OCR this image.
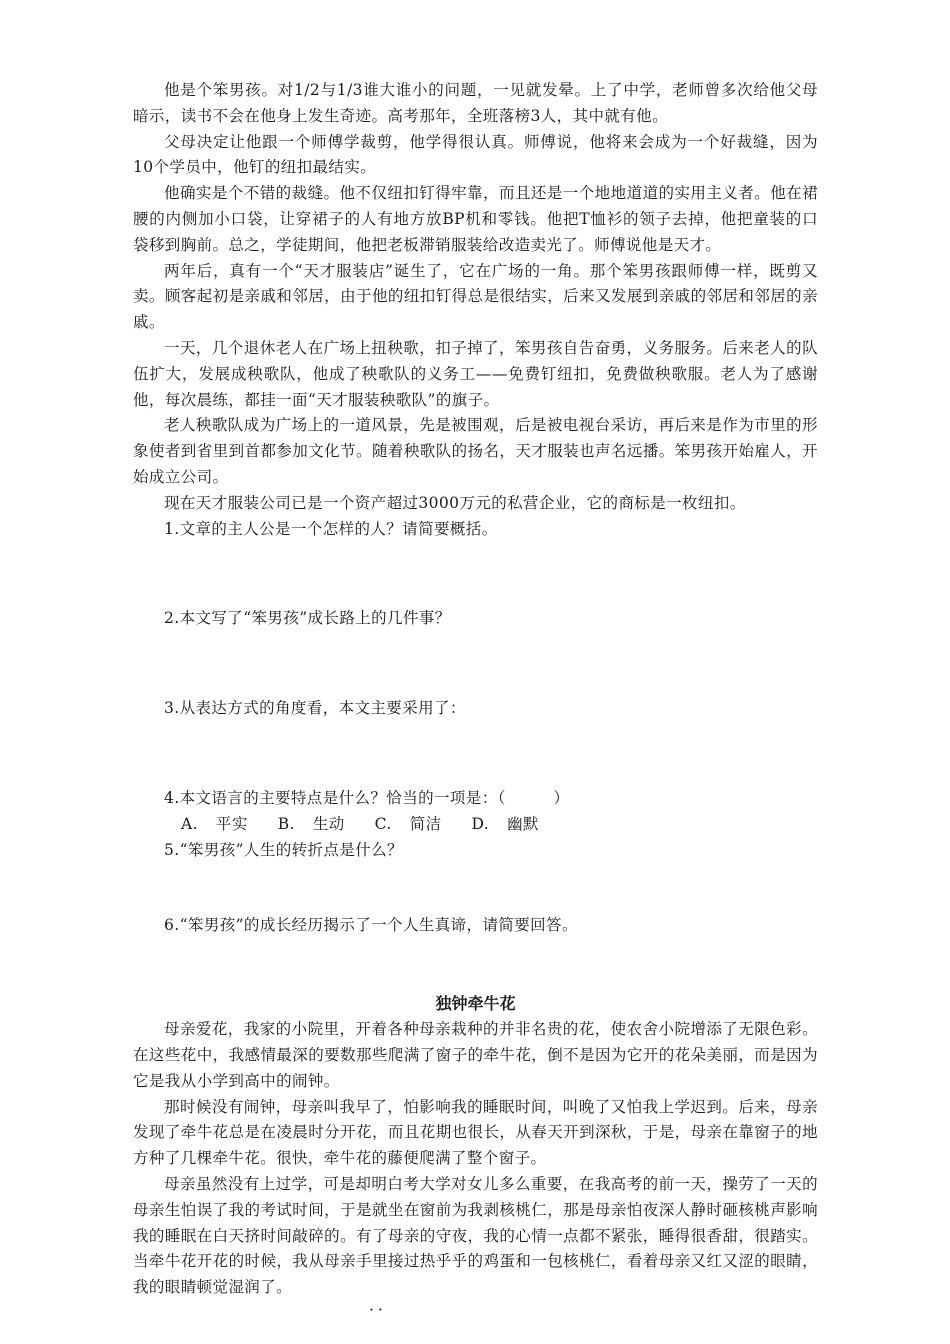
他是个笨男孩。对1/2与1/3谁大谁小的问题，一见就发晕。上了中学，老师曾多次给他父母暗示，读书不会在他身上发生奇迹。高考那年，全班落榜3人，其中就有他。

父母决定让他跟一个师傅学裁剪，他学得很认真。师傅说，他将来会成为一个好裁缝，因为10个学员中，他钉的纽扣最结实。

他确实是个不错的裁缝。他不仅纽扣钉得牢靠，而且还是一个地地道道的实用主义者。他在裙腰的内侧加小口袋，让穿裙子的人有地方放BP机和零钱。他把T恤衫的领子去掉，他把童装的口袋移到胸前。总之，学徒期间，他把老板滞销服装给改造卖光了。师傅说他是天才。

两年后，真有一个“天才服装店”诞生了，它在广场的一角。那个笨男孩跟师傅一样，既剪又卖。顾客起初是亲戚和邻居，由于他的纽扣钉得总是很结实，后来又发展到亲戚的邻居和邻居的亲戚。

一天，几个退休老人在广场上扭秧歌，扣子掉了，笨男孩自告奋勇，义务服务。后来老人的队伍扩大，发展成秧歌队，他成了秧歌队的义务工——免费钉纽扣，免费做秧歌服。老人为了感谢他，每次晨练，都挂一面“天才服装秧歌队”的旗子。

老人秧歌队成为广场上的一道风景，先是被围观，后是被电视台采访，再后来是作为市里的形象使者到省里到首都参加文化节。随着秧歌队的扬名，天才服装也声名远播。笨男孩开始雇人，开始成立公司。

现在天才服装公司已是一个资产超过3000万元的私营企业，它的商标是一枚纽扣。

1.文章的主人公是一个怎样的人？请简要概括。

2.本文写了“笨男孩”成长路上的几件事？

3.从表达方式的角度看，本文主要采用了：

4.本文语言的主要特点是什么？恰当的一项是：（　　　）

A. 平实 B. 生动 C. 简洁 D. 幽默

5.“笨男孩”人生的转折点是什么？

6.“笨男孩”的成长经历揭示了一个人生真谛，请简要回答。

独钟牵牛花

母亲爱花，我家的小院里，开着各种母亲栽种的并非名贵的花，使农舍小院增添了无限色彩。在这些花中，我感情最深的要数那些爬满了窗子的牵牛花，倒不是因为它开的花朵美丽，而是因为它是我从小学到高中的闹钟。

那时候没有闹钟，母亲叫我早了，怕影响我的睡眠时间，叫晚了又怕我上学迟到。后来，母亲发现了牵牛花总是在凌晨时分开花，而且花期也很长，从春天开到深秋，于是，母亲在靠窗子的地方种了几棵牵牛花。很快，牵牛花的藤便爬满了整个窗子。

母亲虽然没有上过学，可是却明白考大学对女儿多么重要，在我高考的前一天，操劳了一天的母亲生怕误了我的考试时间，于是就坐在窗前为我剥核桃仁，那是母亲怕夜深人静时砸核桃声影响我的睡眠在白天挤时间敲碎的。有了母亲的守夜，我的心情一点都不紧张，睡得很香甜，很踏实。当牵牛花开花的时候，我从母亲手里接过热乎乎的鸡蛋和一包核桃仁，看着母亲又红又涩的眼睛，我的眼睛顿觉湿润了。

··
